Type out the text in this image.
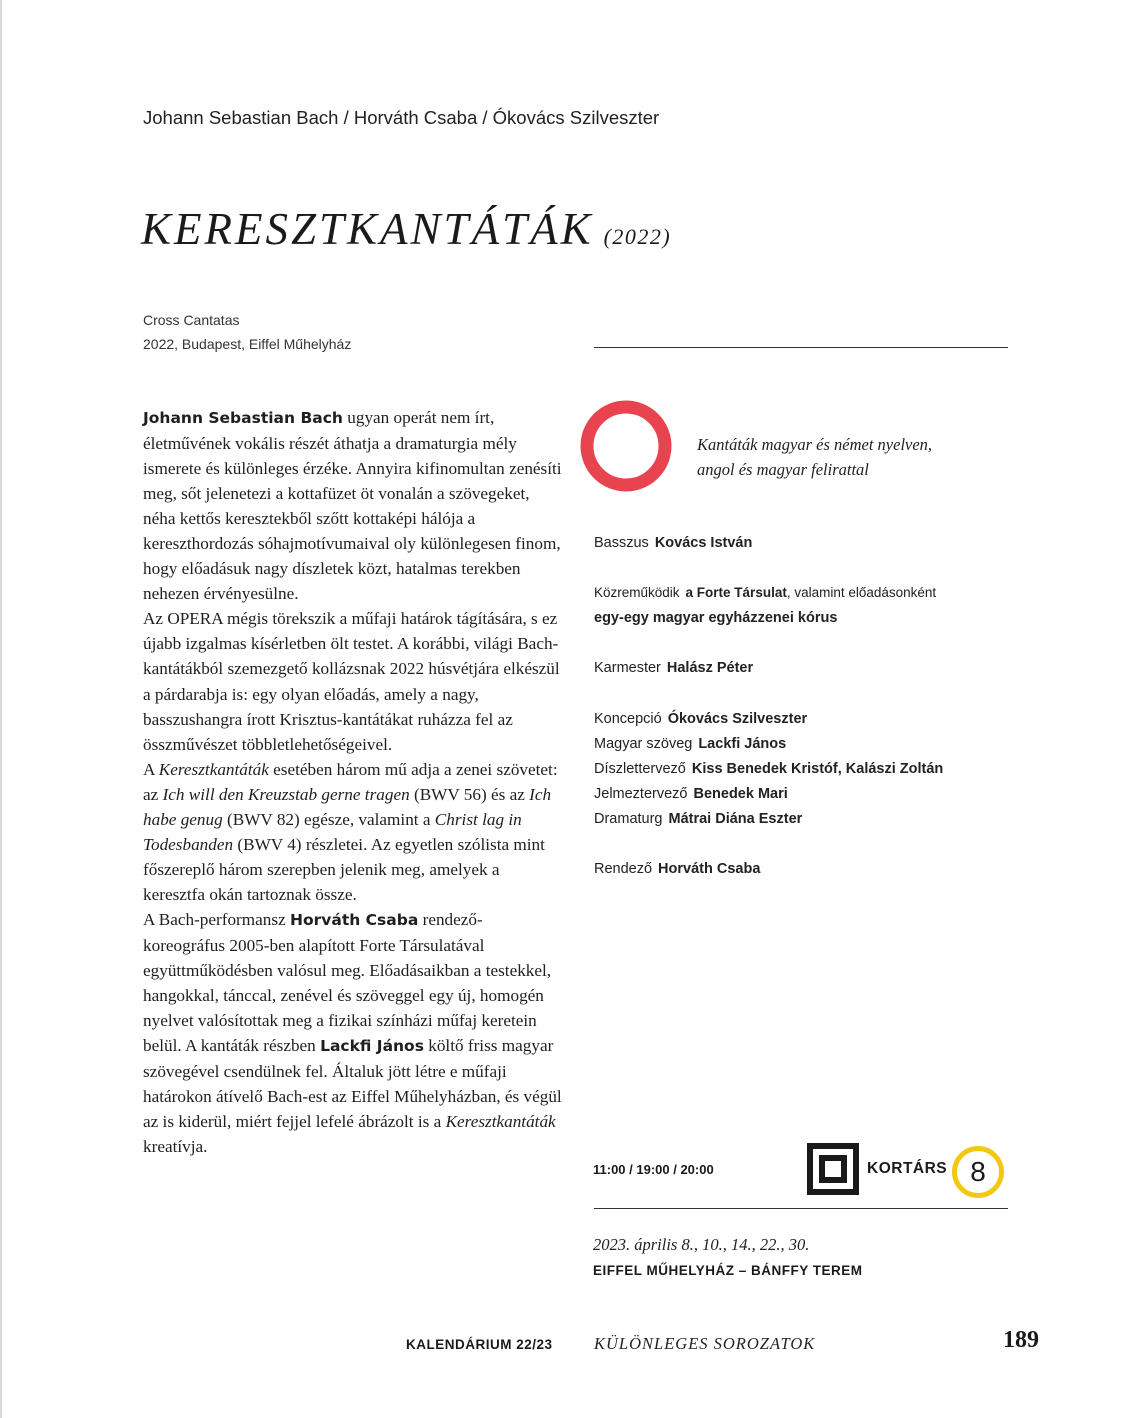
Johann Sebastian Bach / Horváth Csaba / Ókovács Szilveszter
KERESZTKANTÁTÁK (2022)
Cross Cantatas
2022, Budapest, Eiffel Műhelyház

Johann Sebastian Bach ugyan operát nem írt, életművének vokális részét áthatja a dramaturgia mély ismerete és különleges érzéke. Annyira kifinomultan zenésíti meg, sőt jelenetezi a kottafüzet öt vonalán a szövegeket, néha kettős keresztekből szőtt kottaképi hálója a kereszthordozás sóhajmotívumaival oly különlegesen finom, hogy előadásuk nagy díszletek közt, hatalmas terekben nehezen érvényesülne.

Az OPERA mégis törekszik a műfaji határok tágítására, s ez újabb izgalmas kísérletben ölt testet. A korábbi, világi Bach-kantátákból szemezgető kollázsnak 2022 húsvétjára elkészül a párdarabja is: egy olyan előadás, amely a nagy, basszushangra írott Krisztus-kantátákat ruházza fel az összművészet többletlehetőségeivel.

A Keresztkantáták esetében három mű adja a zenei szövetet: az Ich will den Kreuzstab gerne tragen (BWV 56) és az Ich habe genug (BWV 82) egésze, valamint a Christ lag in Todesbanden (BWV 4) részletei. Az egyetlen szólista mint főszereplő három szerepben jelenik meg, amelyek a keresztfa okán tartoznak össze.

A Bach-performansz Horváth Csaba rendező-koreográfus 2005-ben alapított Forte Társulatával együttműködésben valósul meg. Előadásaikban a testekkel, hangokkal, tánccal, zenével és szöveggel egy új, homogén nyelvet valósítottak meg a fizikai színházi műfaj keretein belül. A kantáták részben Lackfi János költő friss magyar szövegével csendülnek fel. Általuk jött létre e műfaji határokon átívelő Bach-est az Eiffel Műhelyházban, és végül az is kiderül, miért fejjel lefelé ábrázolt is a Keresztkantáták kreatívja.

Kantáták magyar és német nyelven,
angol és magyar felirattal
Basszus Kovács István
Közreműködik a Forte Társulat, valamint előadásonként
egy-egy magyar egyházzenei kórus
Karmester Halász Péter
Koncepció Ókovács Szilveszter
Magyar szöveg Lackfi János
Díszlettervező Kiss Benedek Kristóf, Kalászi Zoltán
Jelmeztervező Benedek Mari
Dramaturg Mátrai Diána Eszter
Rendező Horváth Csaba
11:00 / 19:00 / 20:00	KORTÁRS 8
2023. április 8., 10., 14., 22., 30.
EIFFEL MŰHELYHÁZ – BÁNFFY TEREM
KALENDÁRIUM 22/23	KÜLÖNLEGES SOROZATOK	189
